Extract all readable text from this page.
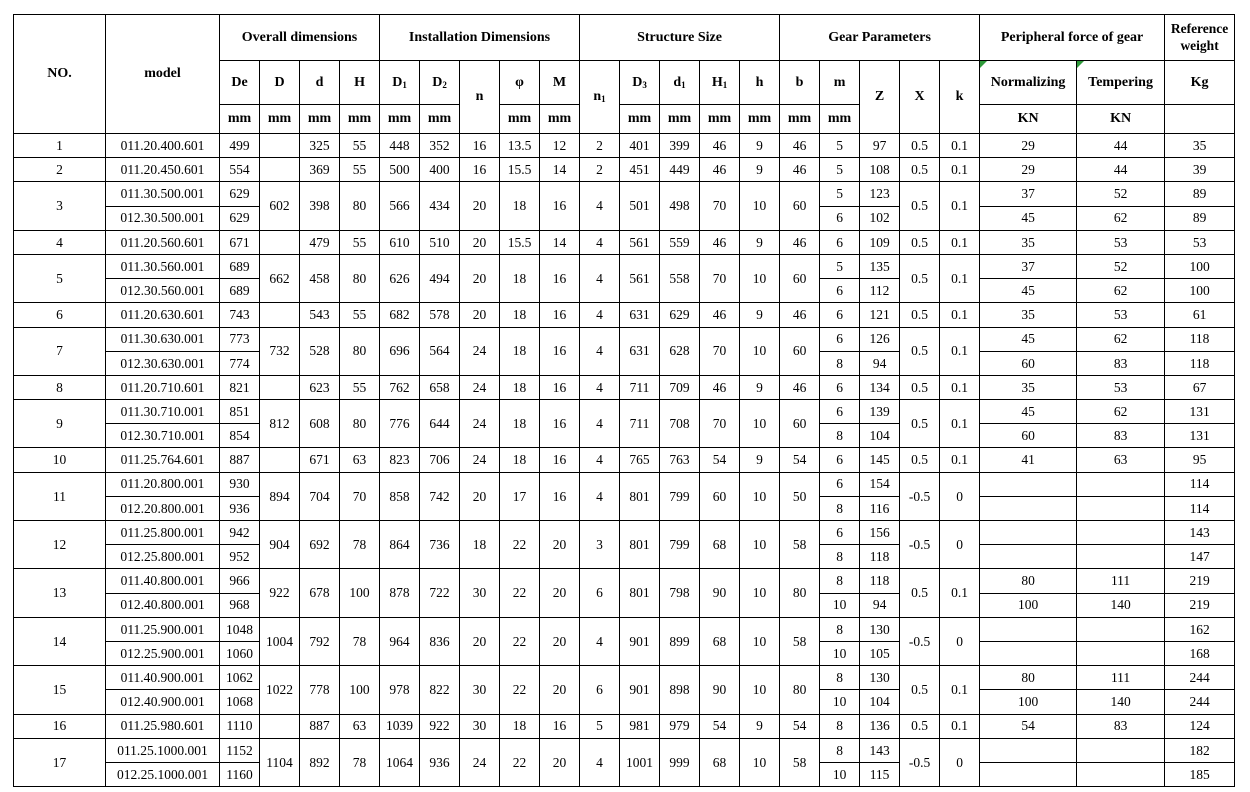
NO.	model	Overall dimensions				Installation Dimensions					Structure Size					Gear Parameters					Peripheral force of gear		Reference weight
		De	D	d	H	$D_1$	$D_2$	n	φ	M	$n_1$	$D_3$	$d_1$	$H_1$	h	b	m	Z	X	k	Normalizing	Tempering	Kg
		mm	mm	mm	mm	mm	mm		mm	mm		mm	mm	mm	mm	mm	mm				KN	KN	
1	011.20.400.601	499		325	55	448	352	16	13.5	12	2	401	399	46	9	46	5	97	0.5	0.1	29	44	35
2	011.20.450.601	554		369	55	500	400	16	15.5	14	2	451	449	46	9	46	5	108	0.5	0.1	29	44	39
3	011.30.500.001	629	602	398	80	566	434	20	18	16	4	501	498	70	10	60	5	123	0.5	0.1	37	52	89
	012.30.500.001	629															6	102			45	62	89
4	011.20.560.601	671		479	55	610	510	20	15.5	14	4	561	559	46	9	46	6	109	0.5	0.1	35	53	53
5	011.30.560.001	689	662	458	80	626	494	20	18	16	4	561	558	70	10	60	5	135	0.5	0.1	37	52	100
	012.30.560.001	689															6	112			45	62	100
6	011.20.630.601	743		543	55	682	578	20	18	16	4	631	629	46	9	46	6	121	0.5	0.1	35	53	61
7	011.30.630.001	773	732	528	80	696	564	24	18	16	4	631	628	70	10	60	6	126	0.5	0.1	45	62	118
	012.30.630.001	774															8	94			60	83	118
8	011.20.710.601	821		623	55	762	658	24	18	16	4	711	709	46	9	46	6	134	0.5	0.1	35	53	67
9	011.30.710.001	851	812	608	80	776	644	24	18	16	4	711	708	70	10	60	6	139	0.5	0.1	45	62	131
	012.30.710.001	854															8	104			60	83	131
10	011.25.764.601	887		671	63	823	706	24	18	16	4	765	763	54	9	54	6	145	0.5	0.1	41	63	95
11	011.20.800.001	930	894	704	70	858	742	20	17	16	4	801	799	60	10	50	6	154	-0.5	0			114
	012.20.800.001	936															8	116					114
12	011.25.800.001	942	904	692	78	864	736	18	22	20	3	801	799	68	10	58	6	156	-0.5	0			143
	012.25.800.001	952															8	118					147
13	011.40.800.001	966	922	678	100	878	722	30	22	20	6	801	798	90	10	80	8	118	0.5	0.1	80	111	219
	012.40.800.001	968															10	94			100	140	219
14	011.25.900.001	1048	1004	792	78	964	836	20	22	20	4	901	899	68	10	58	8	130	-0.5	0			162
	012.25.900.001	1060															10	105					168
15	011.40.900.001	1062	1022	778	100	978	822	30	22	20	6	901	898	90	10	80	8	130	0.5	0.1	80	111	244
	012.40.900.001	1068															10	104			100	140	244
16	011.25.980.601	1110		887	63	1039	922	30	18	16	5	981	979	54	9	54	8	136	0.5	0.1	54	83	124
17	011.25.1000.001	1152	1104	892	78	1064	936	24	22	20	4	1001	999	68	10	58	8	143	-0.5	0			182
	012.25.1000.001	1160															10	115					185
